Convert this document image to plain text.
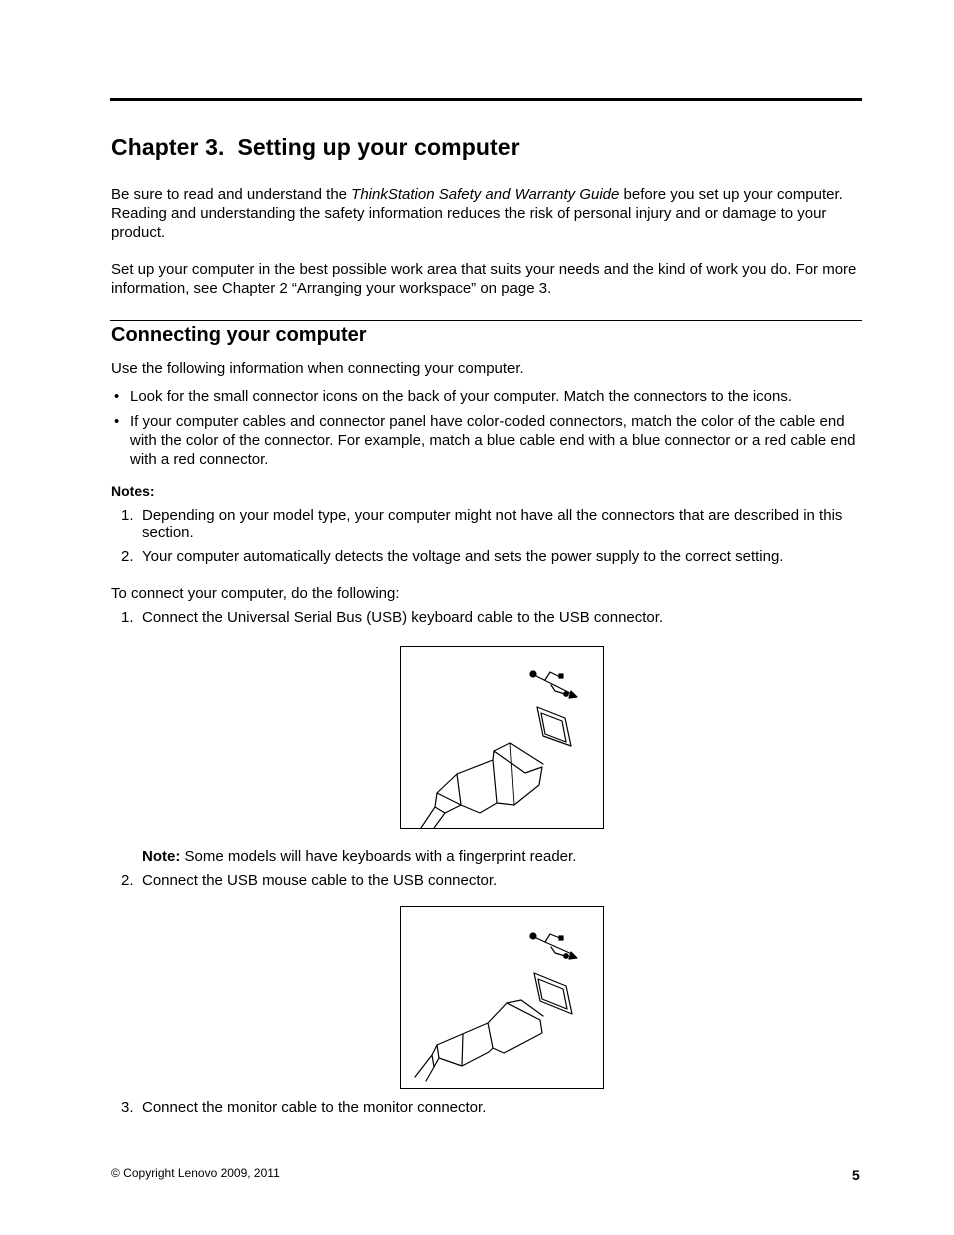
Chapter 3.  Setting up your computer

Be sure to read and understand the ThinkStation Safety and Warranty Guide before you set up your computer. Reading and understanding the safety information reduces the risk of personal injury and or damage to your product.

Set up your computer in the best possible work area that suits your needs and the kind of work you do. For more information, see Chapter 2 “Arranging your workspace” on page 3.

Connecting your computer

Use the following information when connecting your computer.

• Look for the small connector icons on the back of your computer. Match the connectors to the icons.

• If your computer cables and connector panel have color-coded connectors, match the color of the cable end with the color of the connector. For example, match a blue cable end with a blue connector or a red cable end with a red connector.

Notes:
1. Depending on your model type, your computer might not have all the connectors that are described in this section.

2. Your computer automatically detects the voltage and sets the power supply to the correct setting.

To connect your computer, do the following:

1. Connect the Universal Serial Bus (USB) keyboard cable to the USB connector.

Note: Some models will have keyboards with a fingerprint reader.
2. Connect the USB mouse cable to the USB connector.

3. Connect the monitor cable to the monitor connector.

© Copyright Lenovo 2009, 2011	5
